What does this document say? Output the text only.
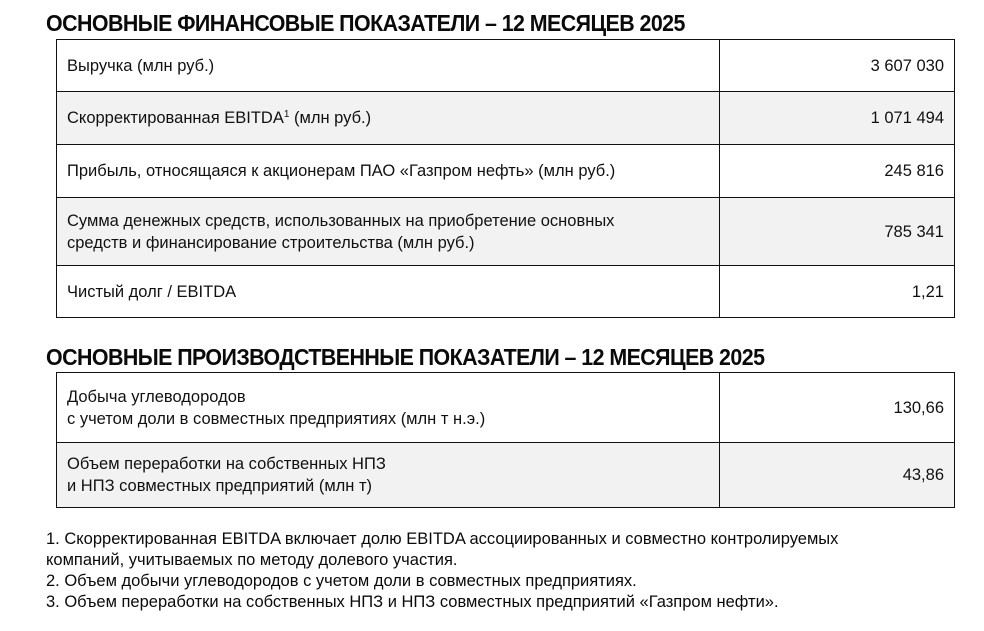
ОСНОВНЫЕ ФИНАНСОВЫЕ ПОКАЗАТЕЛИ – 12 МЕСЯЦЕВ 2025
Выручка (млн руб.)	3 607 030
Скорректированная EBITDA$^1$ (млн руб.)	1 071 494
Прибыль, относящаяся к акционерам ПАО «Газпром нефть» (млн руб.)	245 816

Сумма денежных средств, использованных на приобретение основных
средств и финансирование строительства (млн руб.)	785 341
Чистый долг / EBITDA	1,21
ОСНОВНЫЕ ПРОИЗВОДСТВЕННЫЕ ПОКАЗАТЕЛИ – 12 МЕСЯЦЕВ 2025
Добыча углеводородов
с учетом доли в совместных предприятиях (млн т н.э.)	130,66

Объем переработки на собственных НПЗ
и НПЗ совместных предприятий (млн т)	43,86

1. Скорректированная EBITDA включает долю EBITDA ассоциированных и совместно контролируемых
компаний, учитываемых по методу долевого участия.

2. Объем добычи углеводородов с учетом доли в совместных предприятиях.

3. Объем переработки на собственных НПЗ и НПЗ совместных предприятий «Газпром нефти».
